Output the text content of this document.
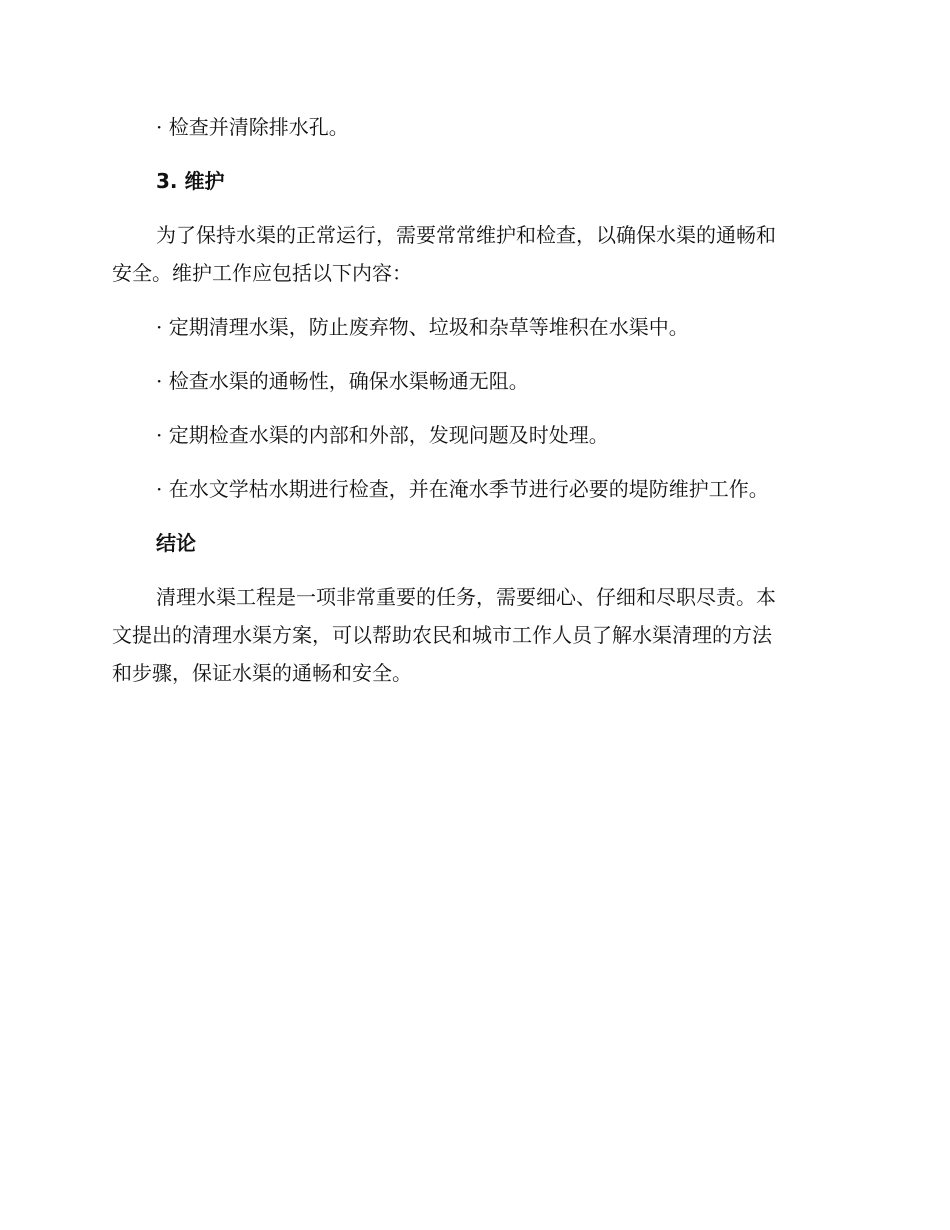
· 检查并清除排水孔。

3. 维护

为了保持水渠的正常运行，需要常常维护和检查，以确保水渠的通畅和

安全。维护工作应包括以下内容：

· 定期清理水渠，防止废弃物、垃圾和杂草等堆积在水渠中。

· 检查水渠的通畅性，确保水渠畅通无阻。

· 定期检查水渠的内部和外部，发现问题及时处理。

· 在水文学枯水期进行检查，并在淹水季节进行必要的堤防维护工作。

结论

清理水渠工程是一项非常重要的任务，需要细心、仔细和尽职尽责。本

文提出的清理水渠方案，可以帮助农民和城市工作人员了解水渠清理的方法

和步骤，保证水渠的通畅和安全。
